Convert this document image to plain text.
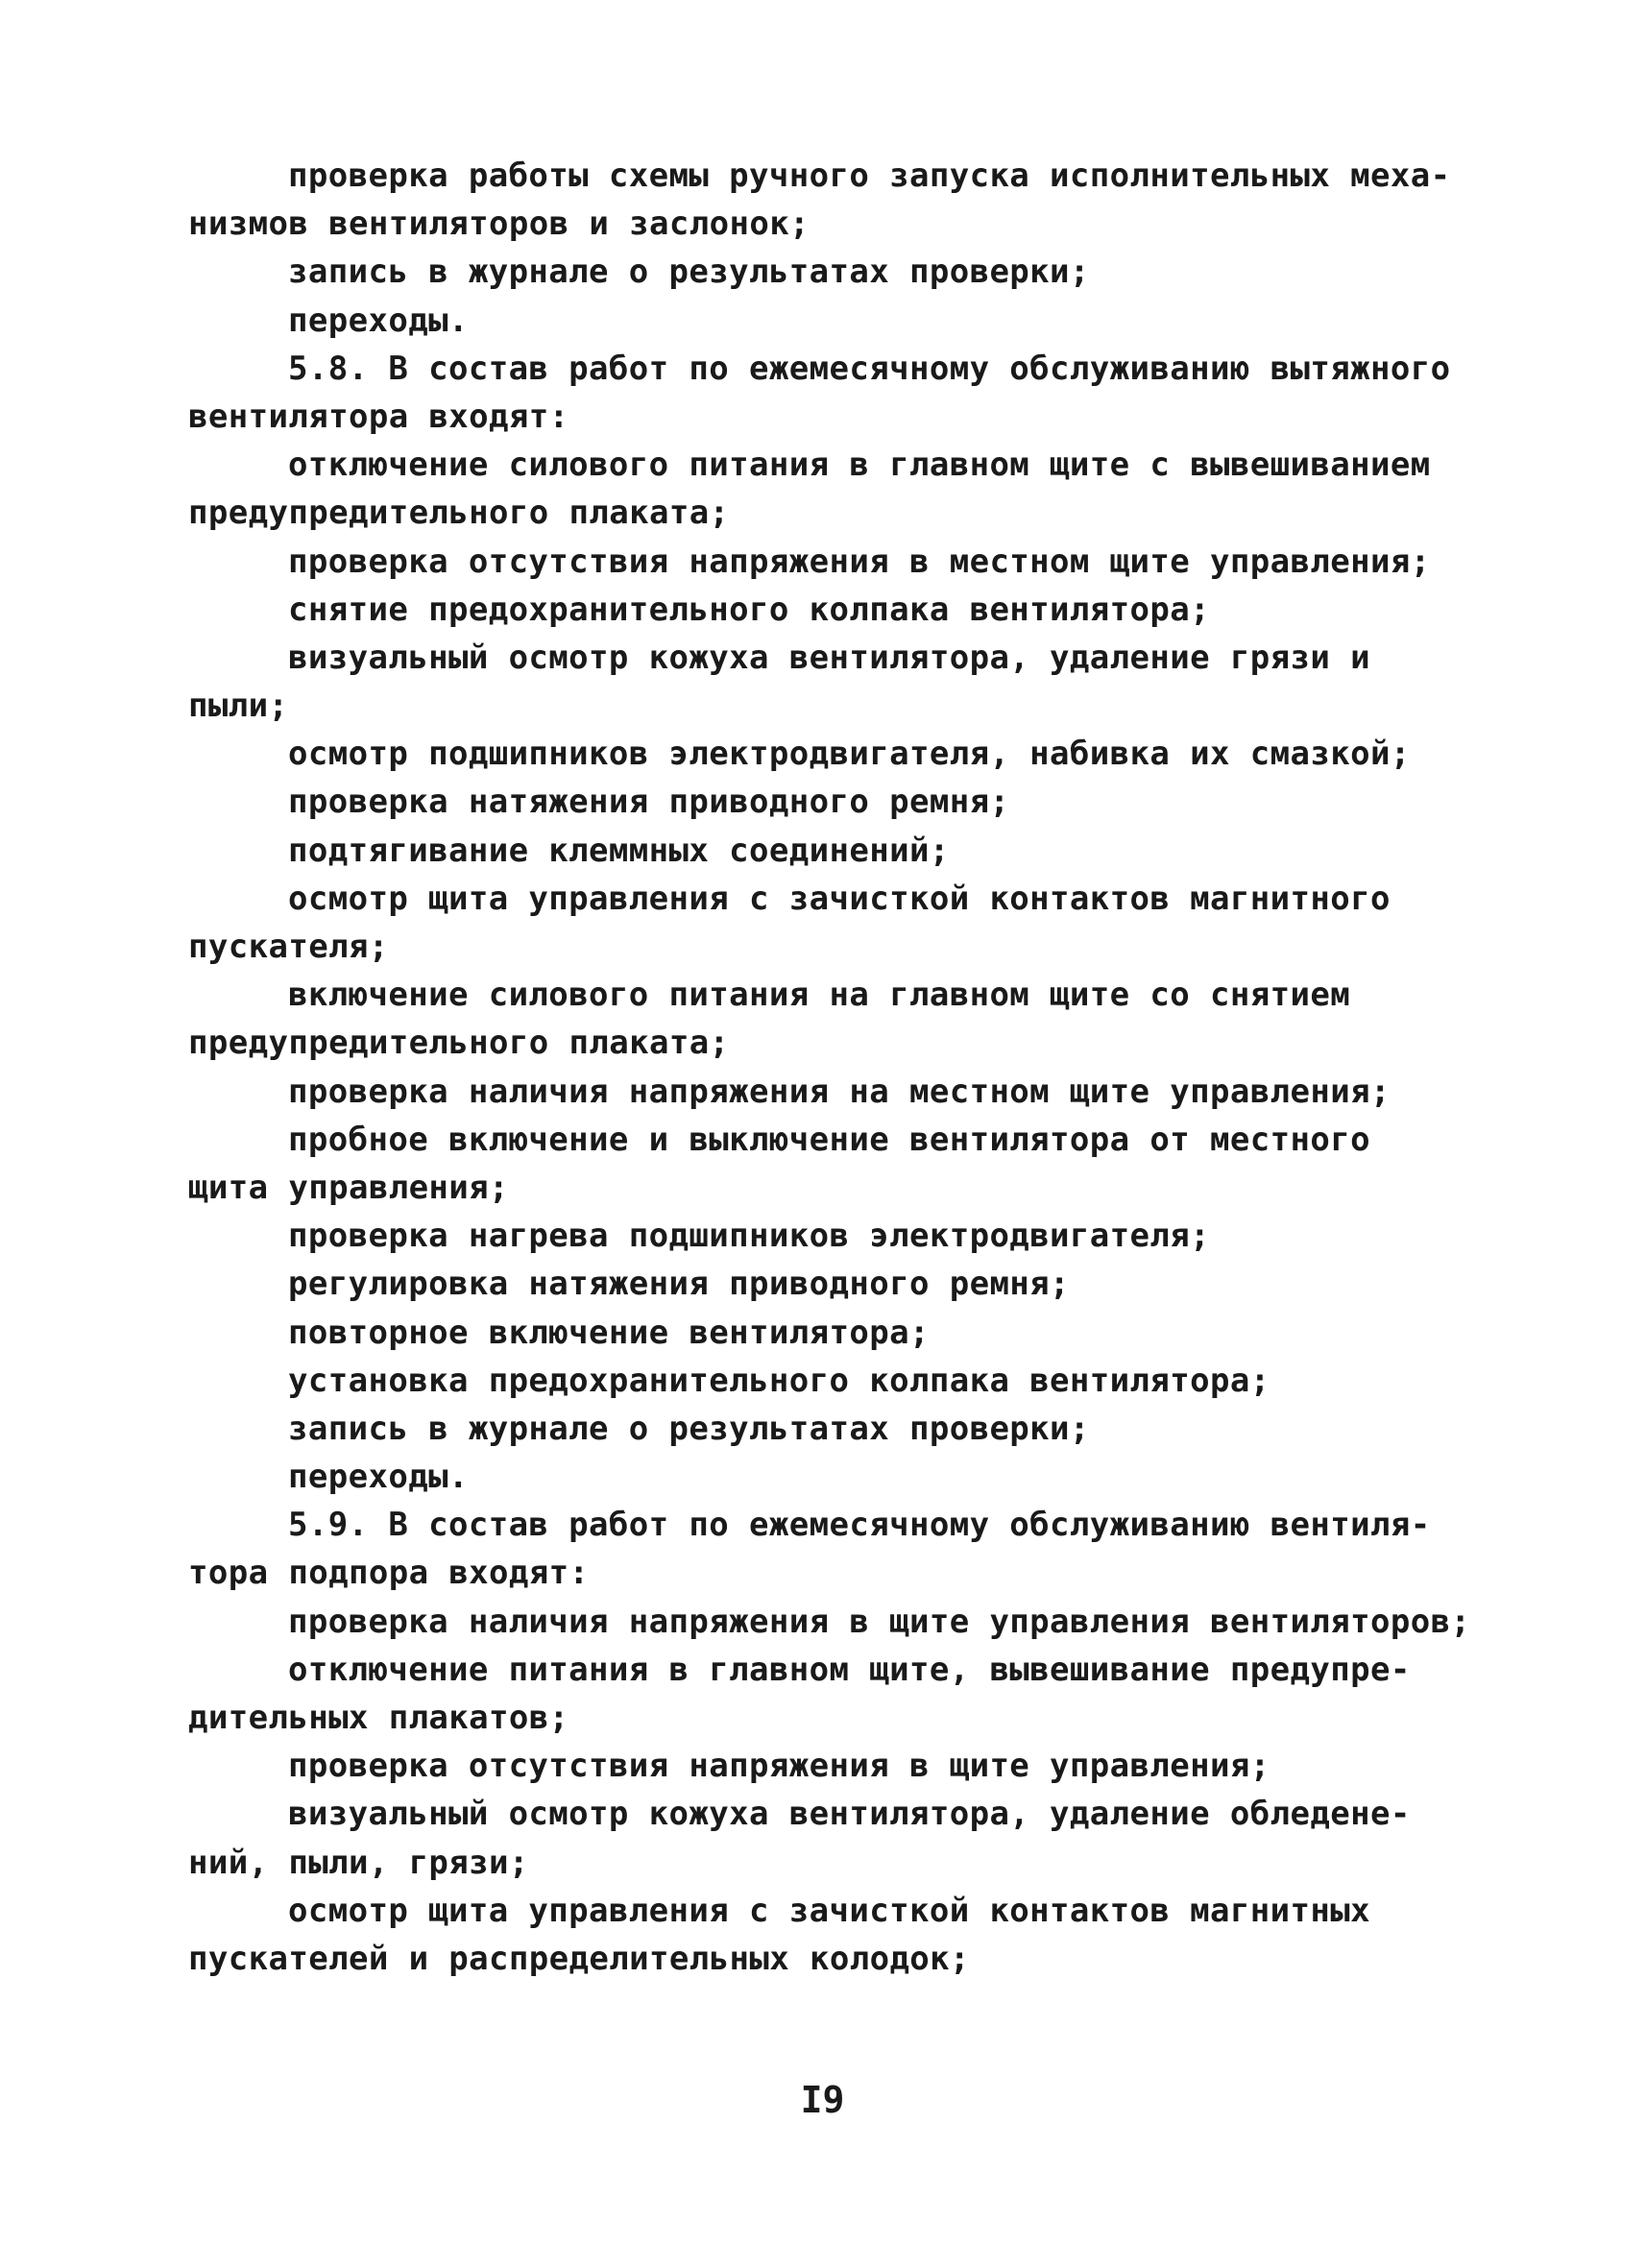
проверка работы схемы ручного запуска исполнительных меха-
низмов вентиляторов и заслонок;
запись в журнале о результатах проверки;
переходы.
5.8. В состав работ по ежемесячному обслуживанию вытяжного
вентилятора входят:
отключение силового питания в главном щите с вывешиванием
предупредительного плаката;
проверка отсутствия напряжения в местном щите управления;
снятие предохранительного колпака вентилятора;
визуальный осмотр кожуха вентилятора, удаление грязи и
пыли;
осмотр подшипников электродвигателя, набивка их смазкой;
проверка натяжения приводного ремня;
подтягивание клеммных соединений;
осмотр щита управления с зачисткой контактов магнитного
пускателя;
включение силового питания на главном щите со снятием
предупредительного плаката;
проверка наличия напряжения на местном щите управления;
пробное включение и выключение вентилятора от местного
щита управления;
проверка нагрева подшипников электродвигателя;
регулировка натяжения приводного ремня;
повторное включение вентилятора;
установка предохранительного колпака вентилятора;
запись в журнале о результатах проверки;
переходы.
5.9. В состав работ по ежемесячному обслуживанию вентиля-
тора подпора входят:
проверка наличия напряжения в щите управления вентиляторов;
отключение питания в главном щите, вывешивание предупре-
дительных плакатов;
проверка отсутствия напряжения в щите управления;
визуальный осмотр кожуха вентилятора, удаление обледене-
ний, пыли, грязи;
осмотр щита управления с зачисткой контактов магнитных
пускателей и распределительных колодок;
I9
